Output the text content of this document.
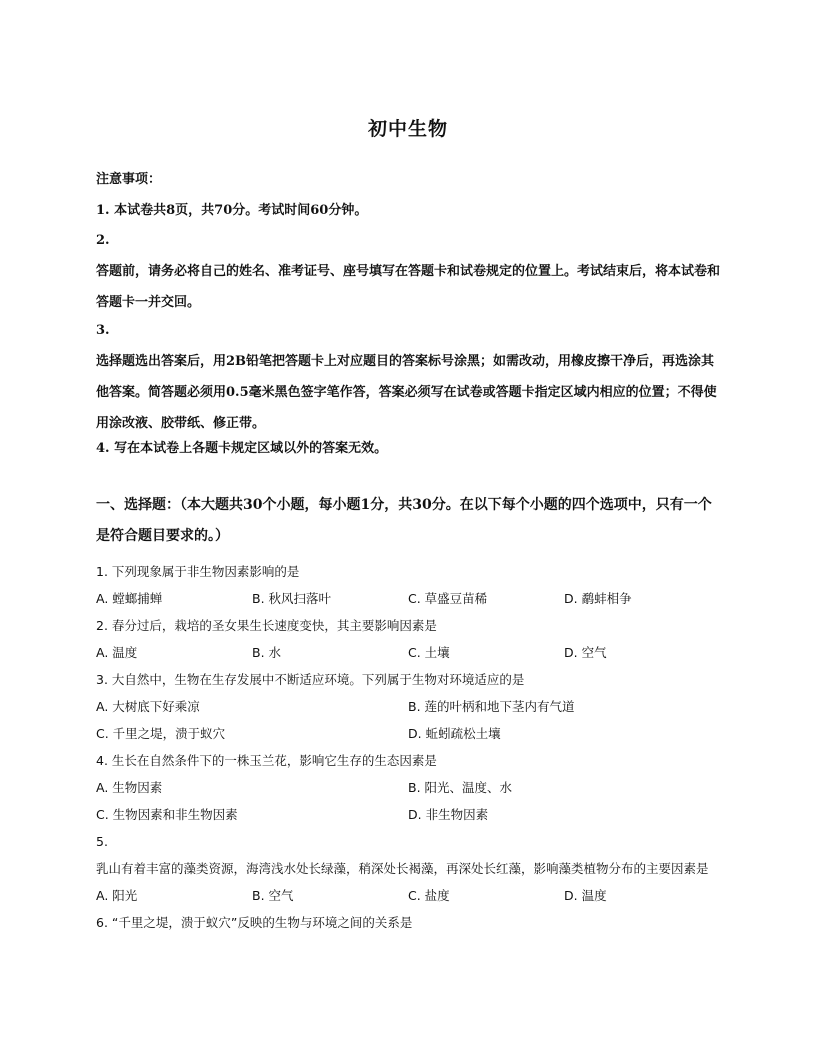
初中生物
注意事项：
1. 本试卷共8页，共70分。考试时间60分钟。
2.
答题前，请务必将自己的姓名、准考证号、座号填写在答题卡和试卷规定的位置上。考试结束后，将本试卷和答题卡一并交回。
3.
选择题选出答案后，用2B铅笔把答题卡上对应题目的答案标号涂黑；如需改动，用橡皮擦干净后，再选涂其他答案。简答题必须用0.5毫米黑色签字笔作答，答案必须写在试卷或答题卡指定区域内相应的位置；不得使用涂改液、胶带纸、修正带。
4. 写在本试卷上各题卡规定区域以外的答案无效。
一、选择题：（本大题共30个小题，每小题1分，共30分。在以下每个小题的四个选项中，只有一个是符合题目要求的。）
1. 下列现象属于非生物因素影响的是
A. 螳螂捕蝉	B. 秋风扫落叶	C. 草盛豆苗稀	D. 鹬蚌相争
2. 春分过后，栽培的圣女果生长速度变快，其主要影响因素是
A. 温度	B. 水	C. 土壤	D. 空气
3. 大自然中，生物在生存发展中不断适应环境。下列属于生物对环境适应的是
A. 大树底下好乘凉	B. 莲的叶柄和地下茎内有气道
C. 千里之堤，溃于蚁穴	D. 蚯蚓疏松土壤
4. 生长在自然条件下的一株玉兰花，影响它生存的生态因素是
A. 生物因素	B. 阳光、温度、水
C. 生物因素和非生物因素	D. 非生物因素
5.
乳山有着丰富的藻类资源，海湾浅水处长绿藻，稍深处长褐藻，再深处长红藻，影响藻类植物分布的主要因素是
A. 阳光	B. 空气	C. 盐度	D. 温度
6. “千里之堤，溃于蚁穴”反映的生物与环境之间的关系是
